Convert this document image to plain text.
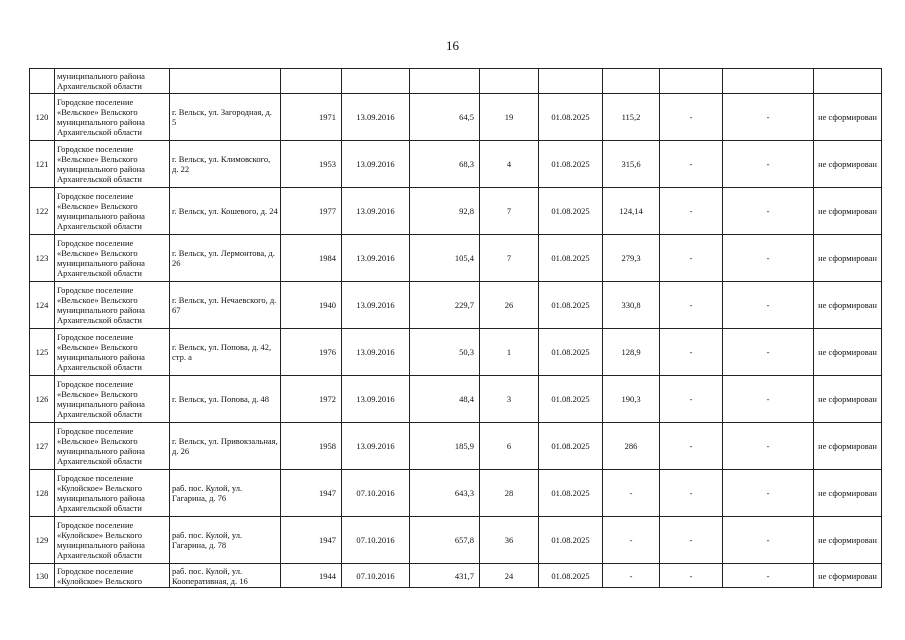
16
	муниципального района Архангельской области										
120	Городское поселение «Вельское» Вельского муниципального района Архангельской области	г. Вельск, ул. Загородная, д. 5	1971	13.09.2016	64,5	19	01.08.2025	115,2	-	-	не сформирован
121	Городское поселение «Вельское» Вельского муниципального района Архангельской области	г. Вельск, ул. Климовского, д. 22	1953	13.09.2016	68,3	4	01.08.2025	315,6	-	-	не сформирован
122	Городское поселение «Вельское» Вельского муниципального района Архангельской области	г. Вельск, ул. Кошевого, д. 24	1977	13.09.2016	92,8	7	01.08.2025	124,14	-	-	не сформирован
123	Городское поселение «Вельское» Вельского муниципального района Архангельской области	г. Вельск, ул. Лермонтова, д. 26	1984	13.09.2016	105,4	7	01.08.2025	279,3	-	-	не сформирован
124	Городское поселение «Вельское» Вельского муниципального района Архангельской области	г. Вельск, ул. Нечаевского, д. 67	1940	13.09.2016	229,7	26	01.08.2025	330,8	-	-	не сформирован
125	Городское поселение «Вельское» Вельского муниципального района Архангельской области	г. Вельск, ул. Попова, д. 42, стр. а	1976	13.09.2016	50,3	1	01.08.2025	128,9	-	-	не сформирован
126	Городское поселение «Вельское» Вельского муниципального района Архангельской области	г. Вельск, ул. Попова, д. 48	1972	13.09.2016	48,4	3	01.08.2025	190,3	-	-	не сформирован
127	Городское поселение «Вельское» Вельского муниципального района Архангельской области	г. Вельск, ул. Привокзальная, д. 26	1958	13.09.2016	185,9	6	01.08.2025	286	-	-	не сформирован
128	Городское поселение «Кулойское» Вельского муниципального района Архангельской области	раб. пос. Кулой, ул. Гагарина, д. 76	1947	07.10.2016	643,3	28	01.08.2025	-	-	-	не сформирован
129	Городское поселение «Кулойское» Вельского муниципального района Архангельской области	раб. пос. Кулой, ул. Гагарина, д. 78	1947	07.10.2016	657,8	36	01.08.2025	-	-	-	не сформирован
130	Городское поселение «Кулойское» Вельского	раб. пос. Кулой, ул. Кооперативная, д. 16	1944	07.10.2016	431,7	24	01.08.2025	-	-	-	не сформирован
